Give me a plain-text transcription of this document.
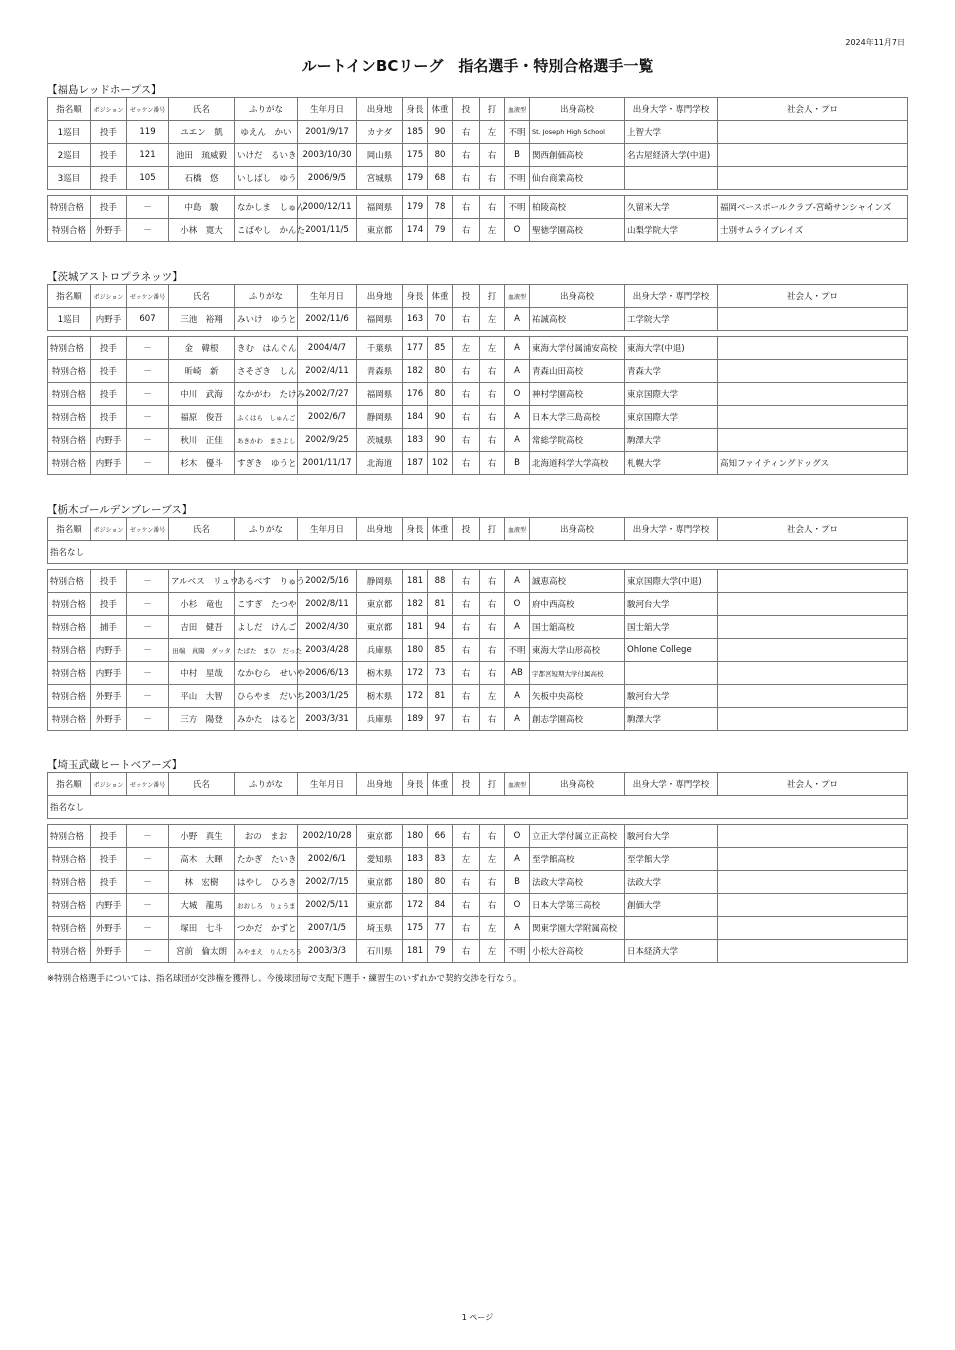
2024年11月7日
ルートインBCリーグ　指名選手・特別合格選手一覧
【福島レッドホープス】
指名順	ポジション	ゼッケン番号	氏名	ふりがな	生年月日	出身地	身長	体重	投	打	血液型	出身高校	出身大学・専門学校	社会人・プロ
1巡目	投手	119	ユエン　凱	ゆえん　かい	2001/9/17	カナダ	185	90	右	左	不明	St. Joseph High School	上智大学	
2巡目	投手	121	池田　琉威毅	いけだ　るいき	2003/10/30	岡山県	175	80	右	右	B	関西創価高校	名古屋経済大学(中退)	
3巡目	投手	105	石橋　悠	いしばし　ゆう	2006/9/5	宮城県	179	68	右	右	不明	仙台商業高校		
特別合格	投手	－	中島　駿	なかしま　しゅん	2000/12/11	福岡県	179	78	右	右	不明	柏陵高校	久留米大学	福岡ベースボールクラブ-宮崎サンシャインズ
特別合格	外野手	－	小林　寛大	こばやし　かんた	2001/11/5	東京都	174	79	右	左	O	聖徳学園高校	山梨学院大学	士別サムライブレイズ
【茨城アストロプラネッツ】
指名順	ポジション	ゼッケン番号	氏名	ふりがな	生年月日	出身地	身長	体重	投	打	血液型	出身高校	出身大学・専門学校	社会人・プロ
1巡目	内野手	607	三池　裕翔	みいけ　ゆうと	2002/11/6	福岡県	163	70	右	左	A	祐誠高校	工学院大学	
特別合格	投手	－	金　韓根	きむ　はんぐん	2004/4/7	千葉県	177	85	左	左	A	東海大学付属浦安高校	東海大学(中退)	
特別合格	投手	－	昕崎　新	さそざき　しん	2002/4/11	青森県	182	80	右	右	A	青森山田高校	青森大学	
特別合格	投手	－	中川　武海	なかがわ　たけみ	2002/7/27	福岡県	176	80	右	右	O	神村学園高校	東京国際大学	
特別合格	投手	－	福原　俊吾	ふくはら　しゅんご	2002/6/7	静岡県	184	90	右	右	A	日本大学三島高校	東京国際大学	
特別合格	内野手	－	秋川　正佳	あきかわ　まさよし	2002/9/25	茨城県	183	90	右	右	A	常総学院高校	駒澤大学	
特別合格	内野手	－	杉木　優斗	すぎき　ゆうと	2001/11/17	北海道	187	102	右	右	B	北海道科学大学高校	札幌大学	高知ファイティングドッグス
【栃木ゴールデンブレーブス】
指名順	ポジション	ゼッケン番号	氏名	ふりがな	生年月日	出身地	身長	体重	投	打	血液型	出身高校	出身大学・専門学校	社会人・プロ
指名なし
特別合格	投手	－	アルベス　リュウ	あるべす　りゅう	2002/5/16	静岡県	181	88	右	右	A	誠恵高校	東京国際大学(中退)	
特別合格	投手	－	小杉　竜也	こすぎ　たつや	2002/8/11	東京都	182	81	右	右	O	府中西高校	駿河台大学	
特別合格	捕手	－	吉田　健吾	よしだ　けんご	2002/4/30	東京都	181	94	右	右	A	国士舘高校	国士舘大学	
特別合格	内野手	－	田端　真陽　ダッタ	たばた　まひ　だった	2003/4/28	兵庫県	180	85	右	右	不明	東海大学山形高校	Ohlone College	
特別合格	内野手	－	中村　星哉	なかむら　せいや	2006/6/13	栃木県	172	73	右	右	AB	宇都宮短期大学付属高校		
特別合格	外野手	－	平山　大智	ひらやま　だいち	2003/1/25	栃木県	172	81	右	左	A	矢板中央高校	駿河台大学	
特別合格	外野手	－	三方　陽登	みかた　はると	2003/3/31	兵庫県	189	97	右	右	A	創志学園高校	駒澤大学	
【埼玉武蔵ヒートベアーズ】
指名順	ポジション	ゼッケン番号	氏名	ふりがな	生年月日	出身地	身長	体重	投	打	血液型	出身高校	出身大学・専門学校	社会人・プロ
指名なし
特別合格	投手	－	小野　真生	おの　まお	2002/10/28	東京都	180	66	右	右	O	立正大学付属立正高校	駿河台大学	
特別合格	投手	－	高木　大暉	たかぎ　たいき	2002/6/1	愛知県	183	83	左	左	A	至学館高校	至学館大学	
特別合格	投手	－	林　宏樹	はやし　ひろき	2002/7/15	東京都	180	80	右	右	B	法政大学高校	法政大学	
特別合格	内野手	－	大城　龍馬	おおしろ　りょうま	2002/5/11	東京都	172	84	右	右	O	日本大学第三高校	創価大学	
特別合格	外野手	－	塚田　七斗	つかだ　かずと	2007/1/5	埼玉県	175	77	右	左	A	関東学園大学附属高校		
特別合格	外野手	－	宮前　倫太朗	みやまえ　りんたろう	2003/3/3	石川県	181	79	右	左	不明	小松大谷高校	日本経済大学	
※特別合格選手については、指名球団が交渉権を獲得し、今後球団毎で支配下選手・練習生のいずれかで契約交渉を行なう。
1 ページ
